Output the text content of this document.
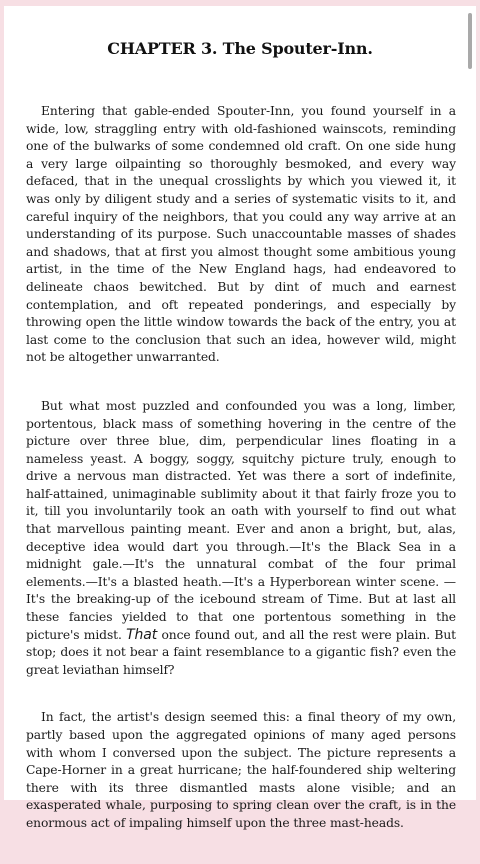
CHAPTER 3. The Spouter-Inn.

Entering that gable-ended Spouter-Inn, you found yourself in a wide, low, straggling entry with old-fashioned wainscots, reminding one of the bulwarks of some condemned old craft. On one side hung a very large oilpainting so thoroughly besmoked, and every way defaced, that in the unequal crosslights by which you viewed it, it was only by diligent study and a series of systematic visits to it, and careful inquiry of the neighbors, that you could any way arrive at an understanding of its purpose. Such unaccountable masses of shades and shadows, that at first you almost thought some ambitious young artist, in the time of the New England hags, had endeavored to delineate chaos bewitched. But by dint of much and earnest contemplation, and oft repeated ponderings, and especially by throwing open the little window towards the back of the entry, you at last come to the conclusion that such an idea, however wild, might not be altogether unwarranted.

But what most puzzled and confounded you was a long, limber, portentous, black mass of something hovering in the centre of the picture over three blue, dim, perpendicular lines floating in a nameless yeast. A boggy, soggy, squitchy picture truly, enough to drive a nervous man distracted. Yet was there a sort of indefinite, half-attained, unimaginable sublimity about it that fairly froze you to it, till you involuntarily took an oath with yourself to find out what that marvellous painting meant. Ever and anon a bright, but, alas, deceptive idea would dart you through.—It's the Black Sea in a midnight gale.—It's the unnatural combat of the four primal elements.—It's a blasted heath.—It's a Hyperborean winter scene. —It's the breaking-up of the icebound stream of Time. But at last all these fancies yielded to that one portentous something in the picture's midst. That once found out, and all the rest were plain. But stop; does it not bear a faint resemblance to a gigantic fish? even the great leviathan himself?

In fact, the artist's design seemed this: a final theory of my own, partly based upon the aggregated opinions of many aged persons with whom I conversed upon the subject. The picture represents a Cape-Horner in a great hurricane; the half-foundered ship weltering there with its three dismantled masts alone visible; and an exasperated whale, purposing to spring clean over the craft, is in the enormous act of impaling himself upon the three mast-heads.
